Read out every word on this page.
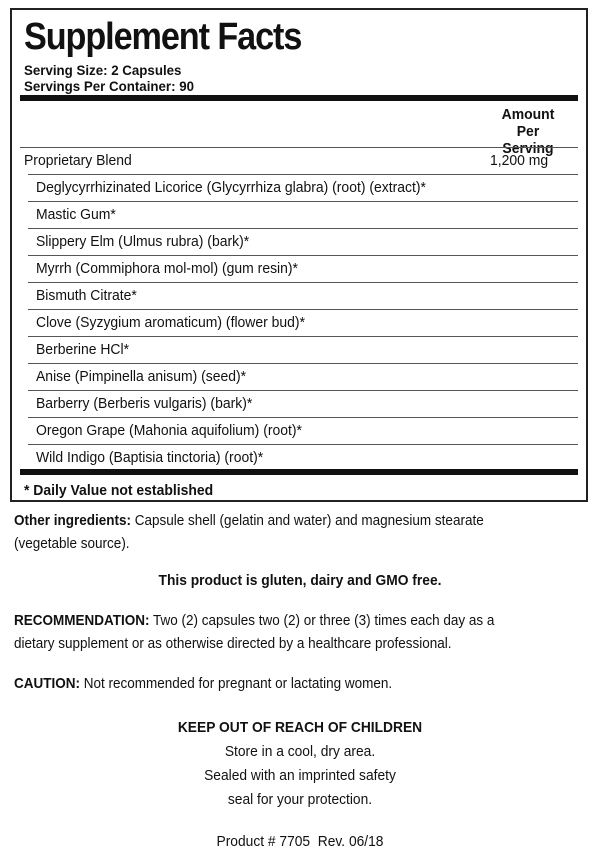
Supplement Facts
Serving Size: 2 Capsules
Servings Per Container: 90
Amount Per
Serving
Proprietary Blend	1,200 mg
Deglycyrrhizinated Licorice (Glycyrrhiza glabra) (root) (extract)*
Mastic Gum*
Slippery Elm (Ulmus rubra) (bark)*
Myrrh (Commiphora mol-mol) (gum resin)*
Bismuth Citrate*
Clove (Syzygium aromaticum) (flower bud)*
Berberine HCl*
Anise (Pimpinella anisum) (seed)*
Barberry (Berberis vulgaris) (bark)*
Oregon Grape (Mahonia aquifolium) (root)*
Wild Indigo (Baptisia tinctoria) (root)*
* Daily Value not established

Other ingredients: Capsule shell (gelatin and water) and magnesium stearate
(vegetable source).

This product is gluten, dairy and GMO free.

RECOMMENDATION: Two (2) capsules two (2) or three (3) times each day as a
dietary supplement or as otherwise directed by a healthcare professional.

CAUTION: Not recommended for pregnant or lactating women.

KEEP OUT OF REACH OF CHILDREN
Store in a cool, dry area.
Sealed with an imprinted safety
seal for your protection.
Product # 7705  Rev. 06/18
